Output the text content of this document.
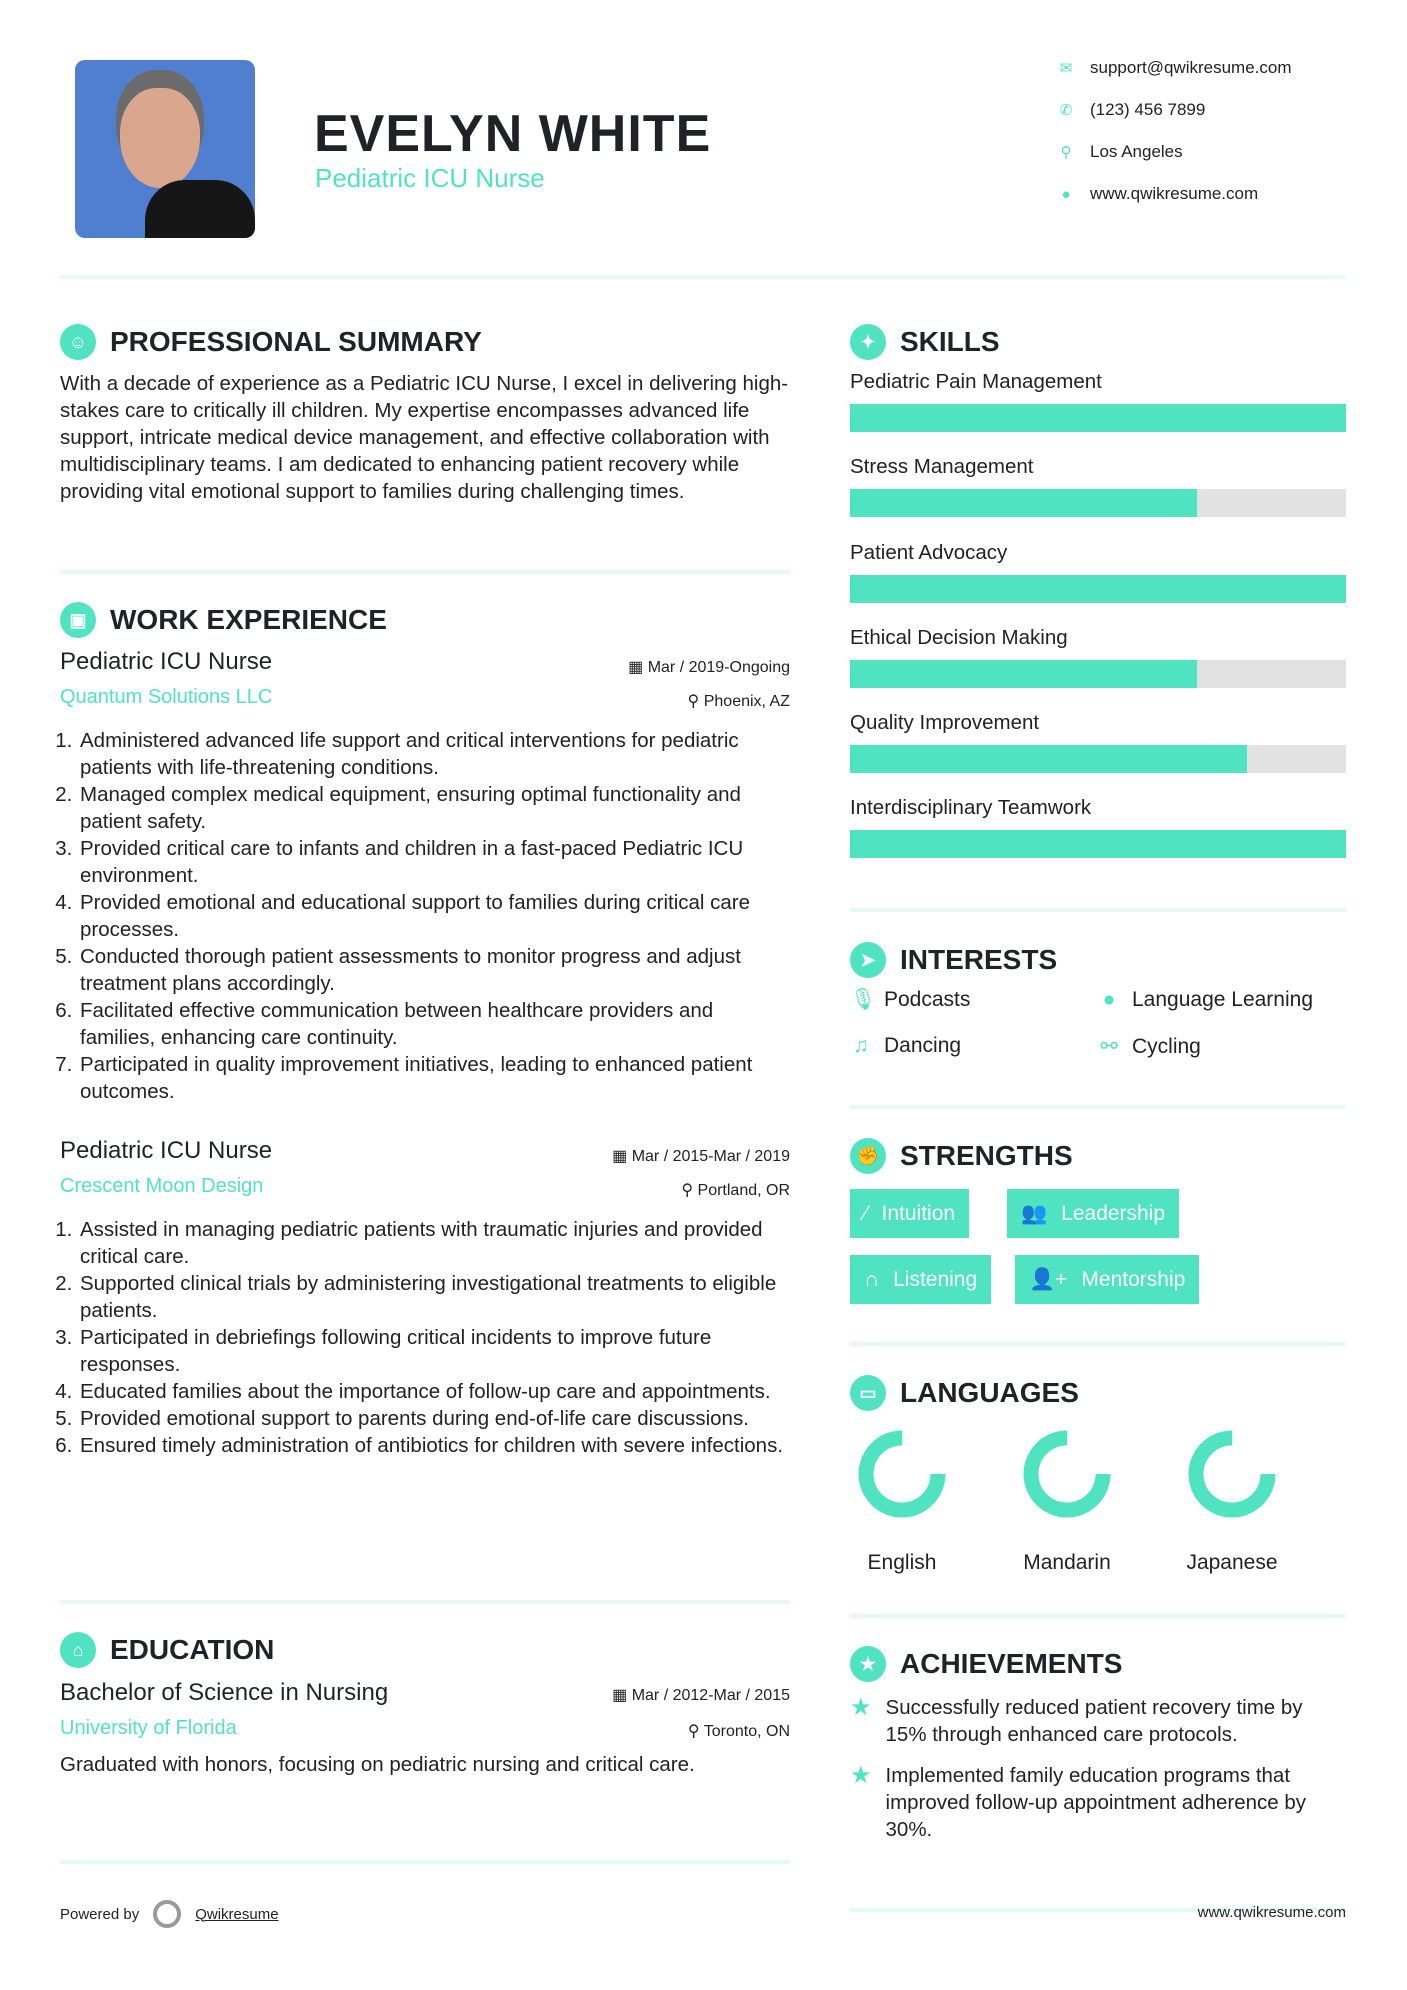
EVELYN WHITE
Pediatric ICU Nurse
✉ support@qwikresume.com
✆ (123) 456 7899
⚲ Los Angeles
●	www.qwikresume.com
☺ PROFESSIONAL SUMMARY
With a decade of experience as a Pediatric ICU Nurse, I excel in delivering high-stakes care to critically ill children. My expertise encompasses advanced life support, intricate medical device management, and effective collaboration with multidisciplinary teams. I am dedicated to enhancing patient recovery while providing vital emotional support to families during challenging times.
▣ WORK EXPERIENCE
Pediatric ICU Nurse
Quantum Solutions LLC
▦ Mar / 2019-Ongoing
⚲ Phoenix, AZ
1. Administered advanced life support and critical interventions for pediatric patients with life-threatening conditions.
2. Managed complex medical equipment, ensuring optimal functionality and patient safety.
3. Provided critical care to infants and children in a fast-paced Pediatric ICU environment.
4. Provided emotional and educational support to families during critical care processes.
5. Conducted thorough patient assessments to monitor progress and adjust treatment plans accordingly.
6. Facilitated effective communication between healthcare providers and families, enhancing care continuity.
7. Participated in quality improvement initiatives, leading to enhanced patient outcomes.
Pediatric ICU Nurse
Crescent Moon Design
▦ Mar / 2015-Mar / 2019
⚲ Portland, OR
1. Assisted in managing pediatric patients with traumatic injuries and provided critical care.
2. Supported clinical trials by administering investigational treatments to eligible patients.
3. Participated in debriefings following critical incidents to improve future responses.
4. Educated families about the importance of follow-up care and appointments.
5. Provided emotional support to parents during end-of-life care discussions.
6. Ensured timely administration of antibiotics for children with severe infections.
⌂ EDUCATION
Bachelor of Science in Nursing
University of Florida
▦ Mar / 2012-Mar / 2015
⚲ Toronto, ON
Graduated with honors, focusing on pediatric nursing and critical care.
Powered by	Qwikresume
✦ SKILLS
Pediatric Pain Management
Stress Management
Patient Advocacy
Ethical Decision Making
Quality Improvement
Interdisciplinary Teamwork
➤ INTERESTS
🎙 Podcasts	● Language Learning
♫ Dancing	⚯ Cycling
✊ STRENGTHS
⁄ Intuition	👥 Leadership
∩ Listening 👤+ Mentorship
▭ LANGUAGES
English	Mandarin	Japanese
★ ACHIEVEMENTS
★ Successfully reduced patient recovery time by 15% through enhanced care protocols.
★ Implemented family education programs that improved follow-up appointment adherence by 30%.
www.qwikresume.com
